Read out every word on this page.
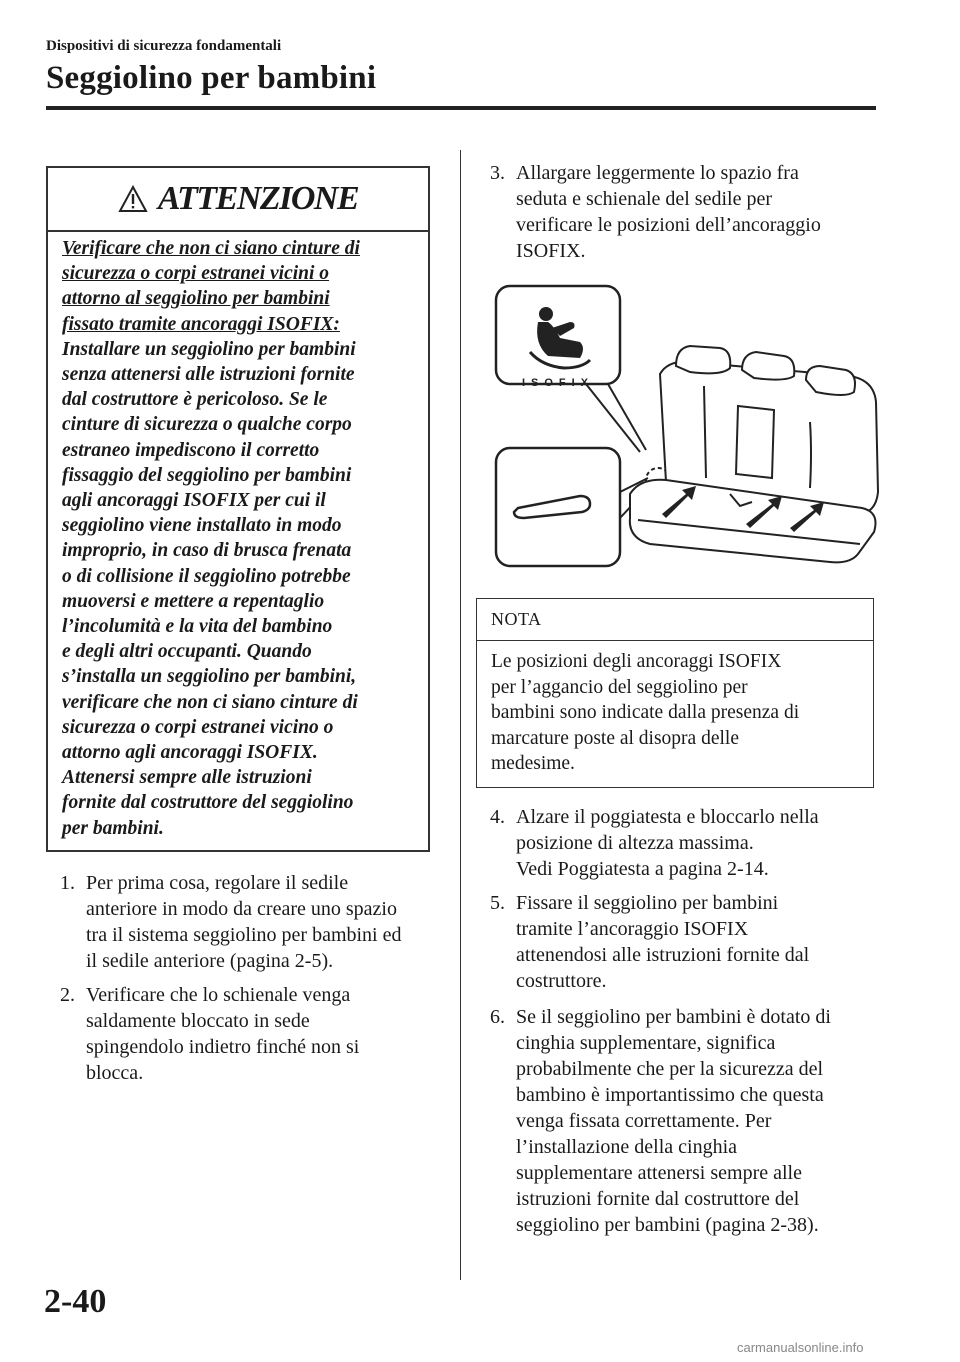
Dispositivi di sicurezza fondamentali
Seggiolino per bambini
ATTENZIONE
Verificare che non ci siano cinture di
sicurezza o corpi estranei vicini o
attorno al seggiolino per bambini
fissato tramite ancoraggi ISOFIX:
Installare un seggiolino per bambini
senza attenersi alle istruzioni fornite
dal costruttore è pericoloso. Se le
cinture di sicurezza o qualche corpo
estraneo impediscono il corretto
fissaggio del seggiolino per bambini
agli ancoraggi ISOFIX per cui il
seggiolino viene installato in modo
improprio, in caso di brusca frenata
o di collisione il seggiolino potrebbe
muoversi e mettere a repentaglio
l’incolumità e la vita del bambino
e degli altri occupanti. Quando
s’installa un seggiolino per bambini,
verificare che non ci siano cinture di
sicurezza o corpi estranei vicino o
attorno agli ancoraggi ISOFIX.
Attenersi sempre alle istruzioni
fornite dal costruttore del seggiolino
per bambini.
1. Per prima cosa, regolare il sedile
anteriore in modo da creare uno spazio
tra il sistema seggiolino per bambini ed
il sedile anteriore (pagina 2-5).
2. Verificare che lo schienale venga
saldamente bloccato in sede
spingendolo indietro finché non si
blocca.
3. Allargare leggermente lo spazio fra
seduta e schienale del sedile per
verificare le posizioni dell’ancoraggio
ISOFIX.
ISOFIX
NOTA
Le posizioni degli ancoraggi ISOFIX
per l’aggancio del seggiolino per
bambini sono indicate dalla presenza di
marcature poste al disopra delle
medesime.
4. Alzare il poggiatesta e bloccarlo nella
posizione di altezza massima.
Vedi Poggiatesta a pagina 2-14.
5. Fissare il seggiolino per bambini
tramite l’ancoraggio ISOFIX
attenendosi alle istruzioni fornite dal
costruttore.
6. Se il seggiolino per bambini è dotato di
cinghia supplementare, significa
probabilmente che per la sicurezza del
bambino è importantissimo che questa
venga fissata correttamente. Per
l’installazione della cinghia
supplementare attenersi sempre alle
istruzioni fornite dal costruttore del
seggiolino per bambini (pagina 2-38).
2-40
carmanualsonline.info
